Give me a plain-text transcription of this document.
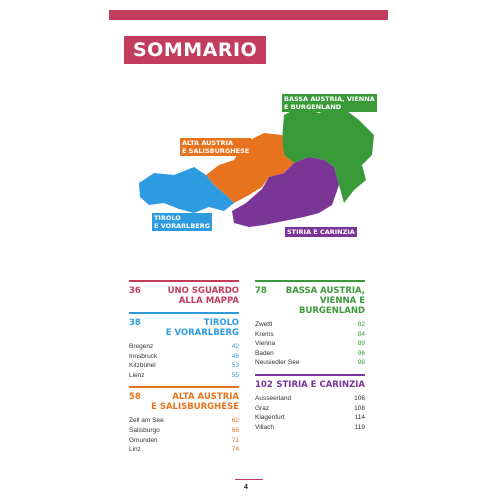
SOMMARIO
BASSA AUSTRIA, VIENNA
E BURGENLAND
ALTA AUSTRIA
E SALISBURGHESE
TIROLO
E VORARLBERG
STIRIA E CARINZIA
36	UNO SGUARDO
ALLA MAPPA
38	TIROLO
E VORARLBERG
Bregenz	42
Innsbruck	46
Kitzbühel	53
Lienz	55
58	ALTA AUSTRIA
E SALISBURGHESE
Zell am See	62
Salisburgo	66
Gmunden	71
Linz	74
78	BASSA AUSTRIA,
VIENNA E BURGENLAND
Zwettl	82
Krems	84
Vienna	89
Baden	96
Neusiedler See	98
102 STIRIA E CARINZIA
Ausseerland	106
Graz	108
Klagenfurt	114
Villach	119
4
